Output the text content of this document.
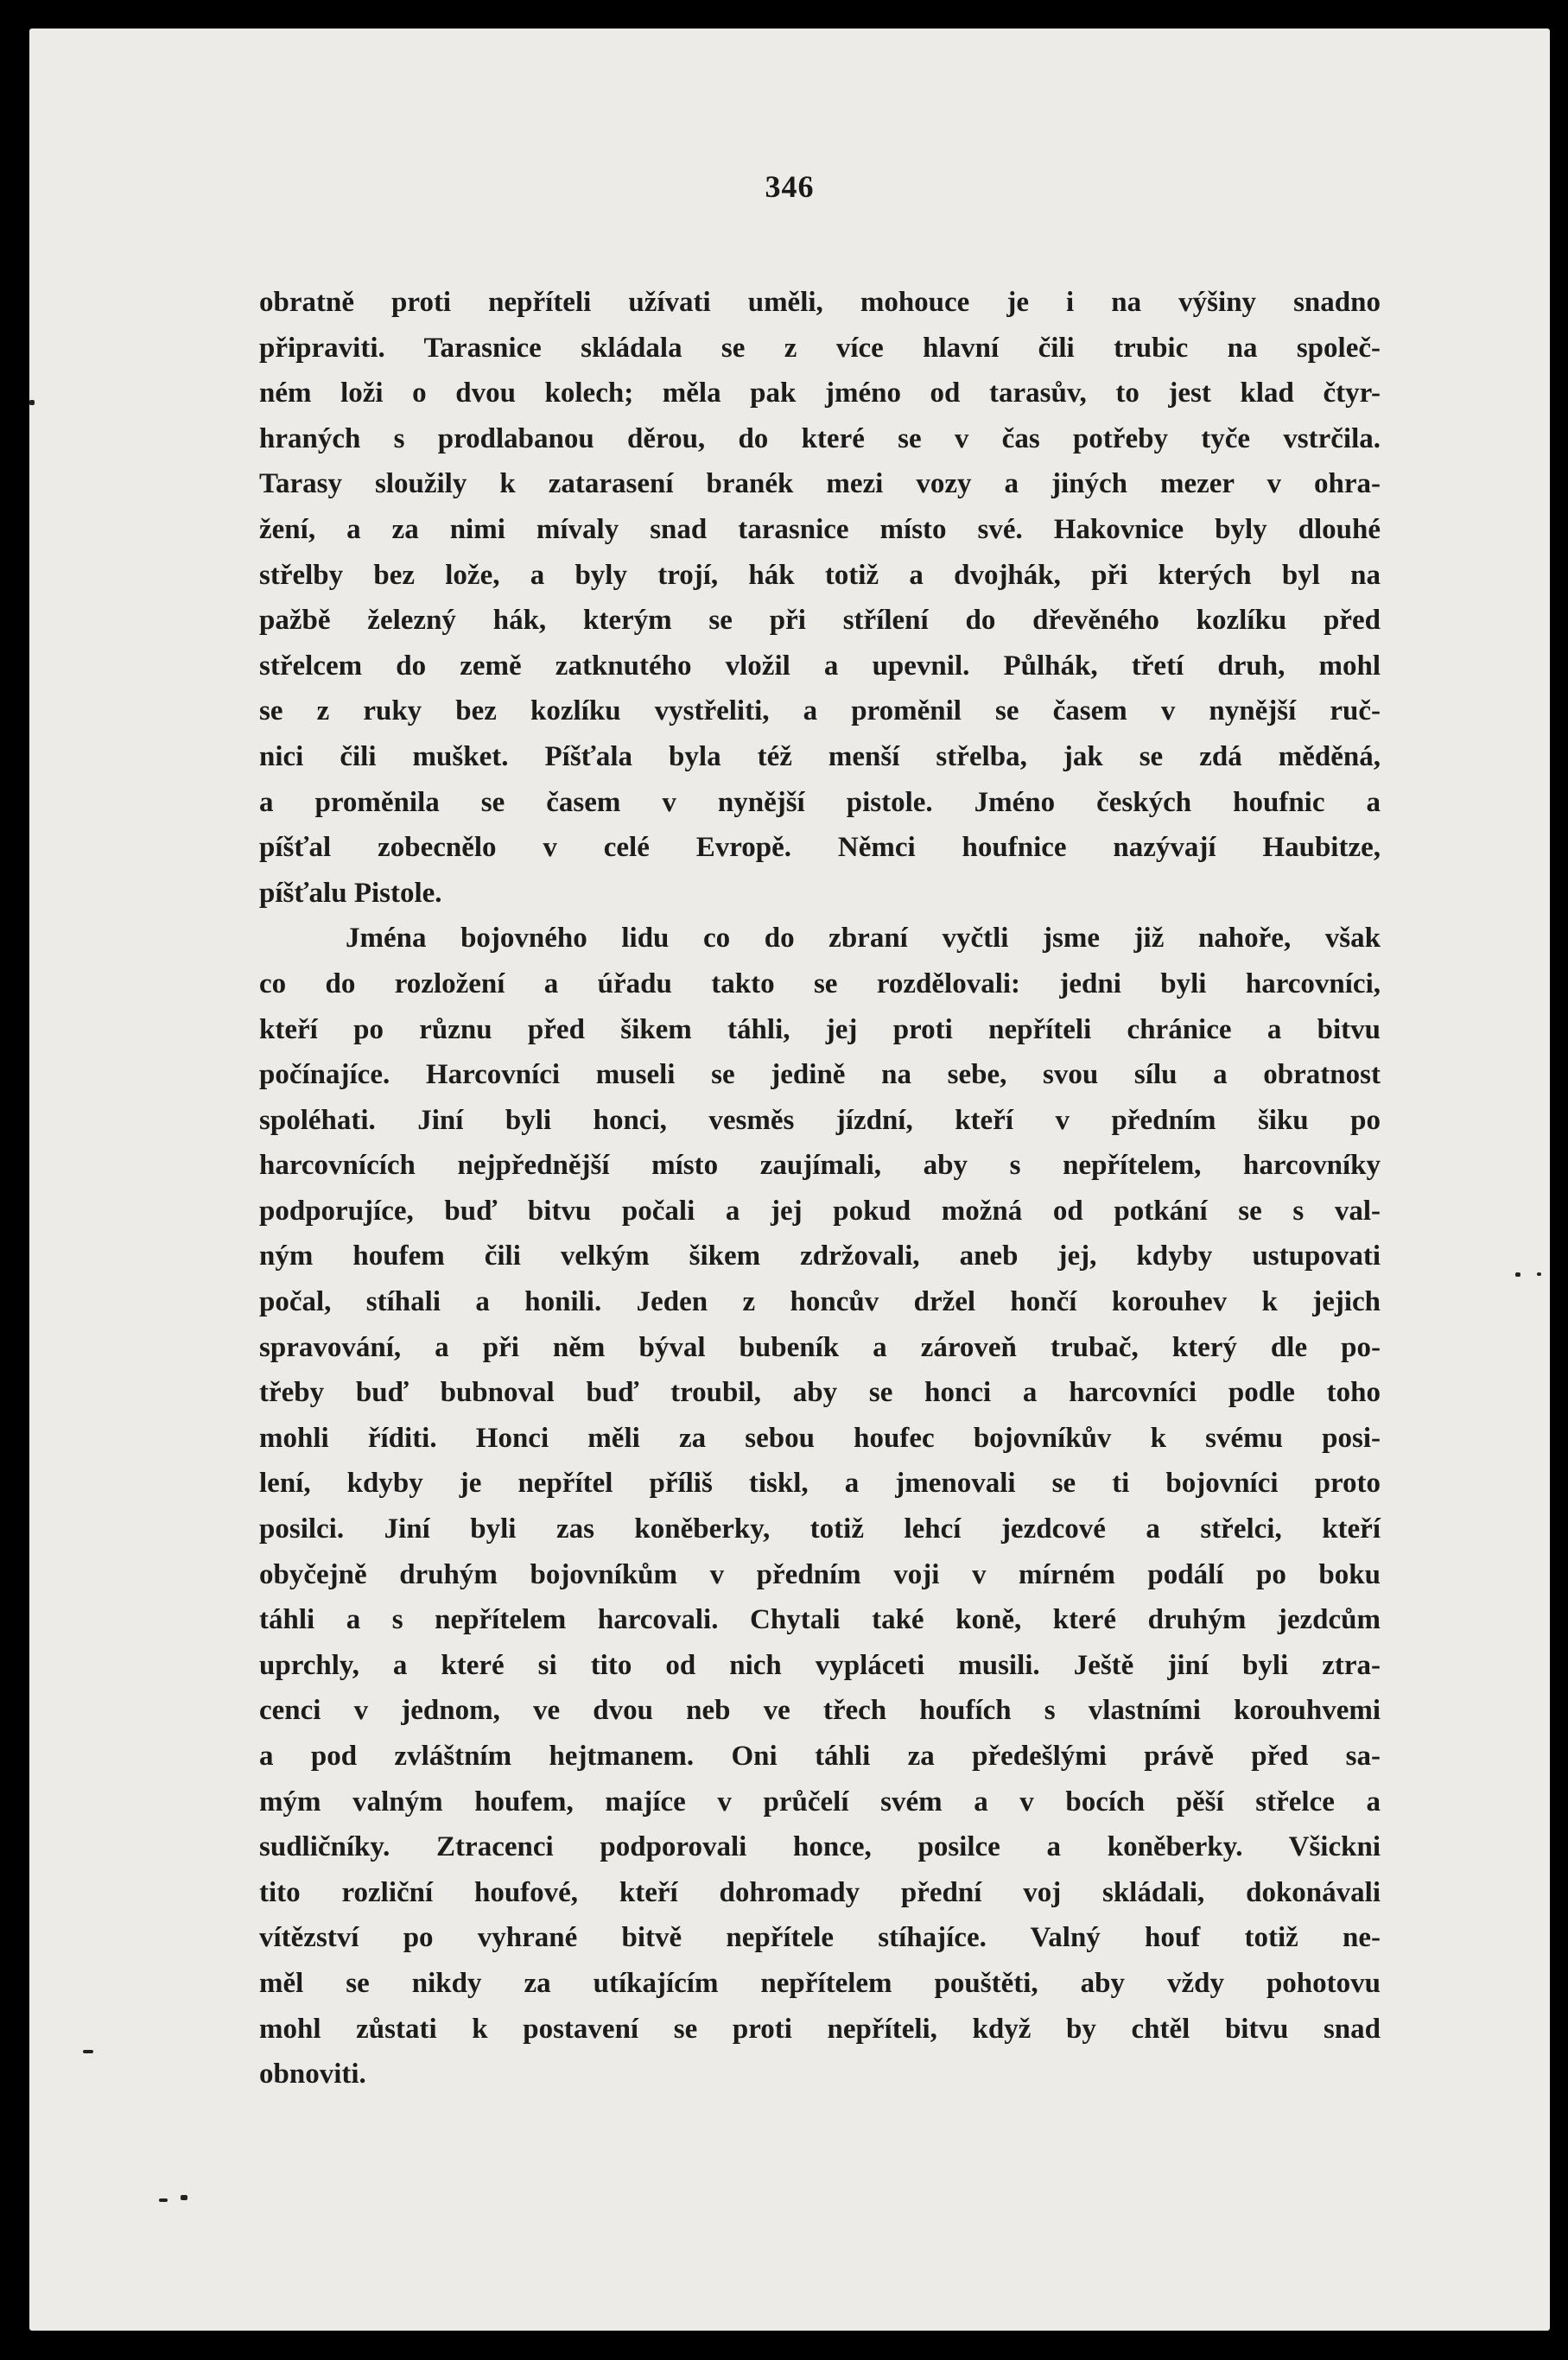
346
obratně proti nepříteli užívati uměli, mohouce je i na výšiny snadno
připraviti. Tarasnice skládala se z více hlavní čili trubic na společ-
ném loži o dvou kolech; měla pak jméno od tarasův, to jest klad čtyr-
hraných s prodlabanou děrou, do které se v čas potřeby tyče vstrčila.
Tarasy sloužily k zatarasení branék mezi vozy a jiných mezer v ohra-
žení, a za nimi mívaly snad tarasnice místo své. Hakovnice byly dlouhé
střelby bez lože, a byly trojí, hák totiž a dvojhák, při kterých byl na
pažbě železný hák, kterým se při střílení do dřevěného kozlíku před
střelcem do země zatknutého vložil a upevnil. Půlhák, třetí druh, mohl
se z ruky bez kozlíku vystřeliti, a proměnil se časem v nynější ruč-
nici čili mušket. Píšťala byla též menší střelba, jak se zdá měděná,
a proměnila se časem v nynější pistole. Jméno českých houfnic a
píšťal zobecnělo v celé Evropě. Němci houfnice nazývají Haubitze,
píšťalu Pistole.
Jména bojovného lidu co do zbraní vyčtli jsme již nahoře, však
co do rozložení a úřadu takto se rozdělovali: jedni byli harcovníci,
kteří po různu před šikem táhli, jej proti nepříteli chránice a bitvu
počínajíce. Harcovníci museli se jedině na sebe, svou sílu a obratnost
spoléhati. Jiní byli honci, vesměs jízdní, kteří v předním šiku po
harcovnících nejpřednější místo zaujímali, aby s nepřítelem, harcovníky
podporujíce, buď bitvu počali a jej pokud možná od potkání se s val-
ným houfem čili velkým šikem zdržovali, aneb jej, kdyby ustupovati
počal, stíhali a honili. Jeden z honcův držel hončí korouhev k jejich
spravování, a při něm býval bubeník a zároveň trubač, který dle po-
třeby buď bubnoval buď troubil, aby se honci a harcovníci podle toho
mohli říditi. Honci měli za sebou houfec bojovníkův k svému posi-
lení, kdyby je nepřítel příliš tiskl, a jmenovali se ti bojovníci proto
posilci. Jiní byli zas koněberky, totiž lehcí jezdcové a střelci, kteří
obyčejně druhým bojovníkům v předním voji v mírném podálí po boku
táhli a s nepřítelem harcovali. Chytali také koně, které druhým jezdcům
uprchly, a které si tito od nich vypláceti musili. Ještě jiní byli ztra-
cenci v jednom, ve dvou neb ve třech houfích s vlastními korouhvemi
a pod zvláštním hejtmanem. Oni táhli za předešlými právě před sa-
mým valným houfem, majíce v průčelí svém a v bocích pěší střelce a
sudličníky. Ztracenci podporovali honce, posilce a koněberky. Všickni
tito rozliční houfové, kteří dohromady přední voj skládali, dokonávali
vítězství po vyhrané bitvě nepřítele stíhajíce. Valný houf totiž ne-
měl se nikdy za utíkajícím nepřítelem pouštěti, aby vždy pohotovu
mohl zůstati k postavení se proti nepříteli, když by chtěl bitvu snad
obnoviti.
